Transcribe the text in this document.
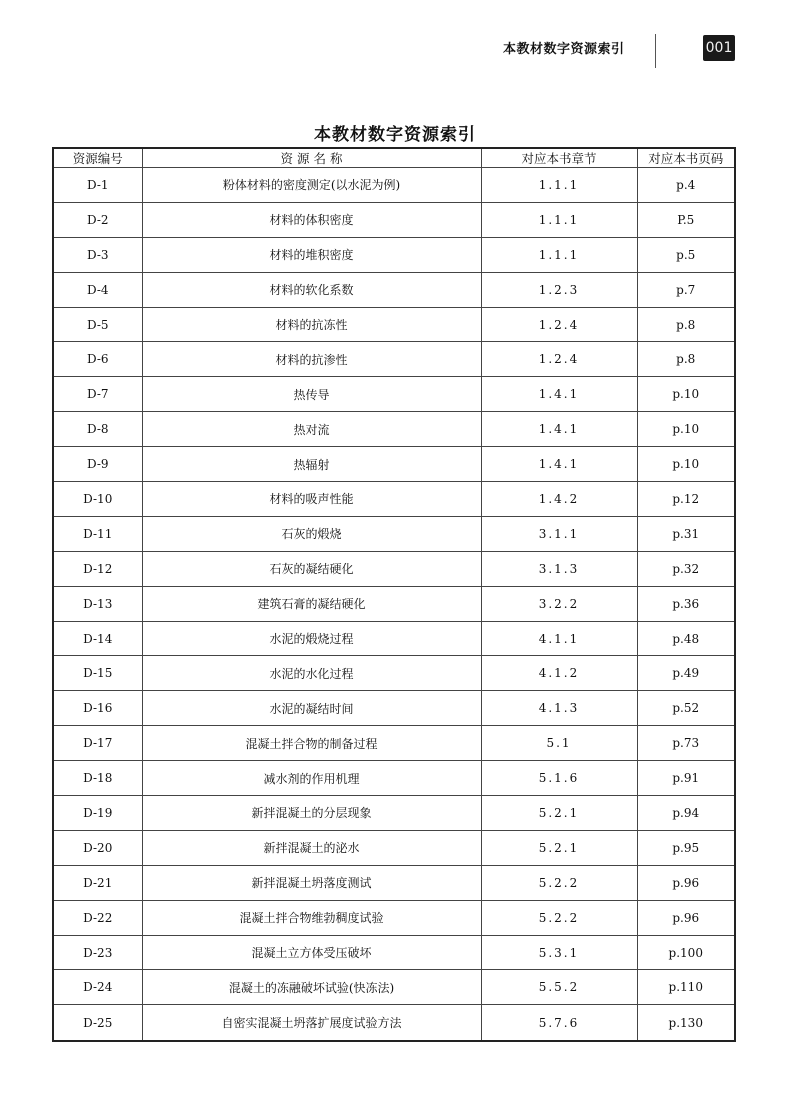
本教材数字资源索引	001
本教材数字资源索引
资源编号	资 源 名 称	对应本书章节	对应本书页码
D-1	粉体材料的密度测定(以水泥为例)	1.1.1	p.4
D-2	材料的体积密度	1.1.1	P.5
D-3	材料的堆积密度	1.1.1	p.5
D-4	材料的软化系数	1.2.3	p.7
D-5	材料的抗冻性	1.2.4	p.8
D-6	材料的抗渗性	1.2.4	p.8
D-7	热传导	1.4.1	p.10
D-8	热对流	1.4.1	p.10
D-9	热辐射	1.4.1	p.10
D-10	材料的吸声性能	1.4.2	p.12
D-11	石灰的煅烧	3.1.1	p.31
D-12	石灰的凝结硬化	3.1.3	p.32
D-13	建筑石膏的凝结硬化	3.2.2	p.36
D-14	水泥的煅烧过程	4.1.1	p.48
D-15	水泥的水化过程	4.1.2	p.49
D-16	水泥的凝结时间	4.1.3	p.52
D-17	混凝土拌合物的制备过程	5.1	p.73
D-18	减水剂的作用机理	5.1.6	p.91
D-19	新拌混凝土的分层现象	5.2.1	p.94
D-20	新拌混凝土的泌水	5.2.1	p.95
D-21	新拌混凝土坍落度测试	5.2.2	p.96
D-22	混凝土拌合物维勃稠度试验	5.2.2	p.96
D-23	混凝土立方体受压破坏	5.3.1	p.100
D-24	混凝土的冻融破坏试验(快冻法)	5.5.2	p.110
D-25	自密实混凝土坍落扩展度试验方法	5.7.6	p.130
